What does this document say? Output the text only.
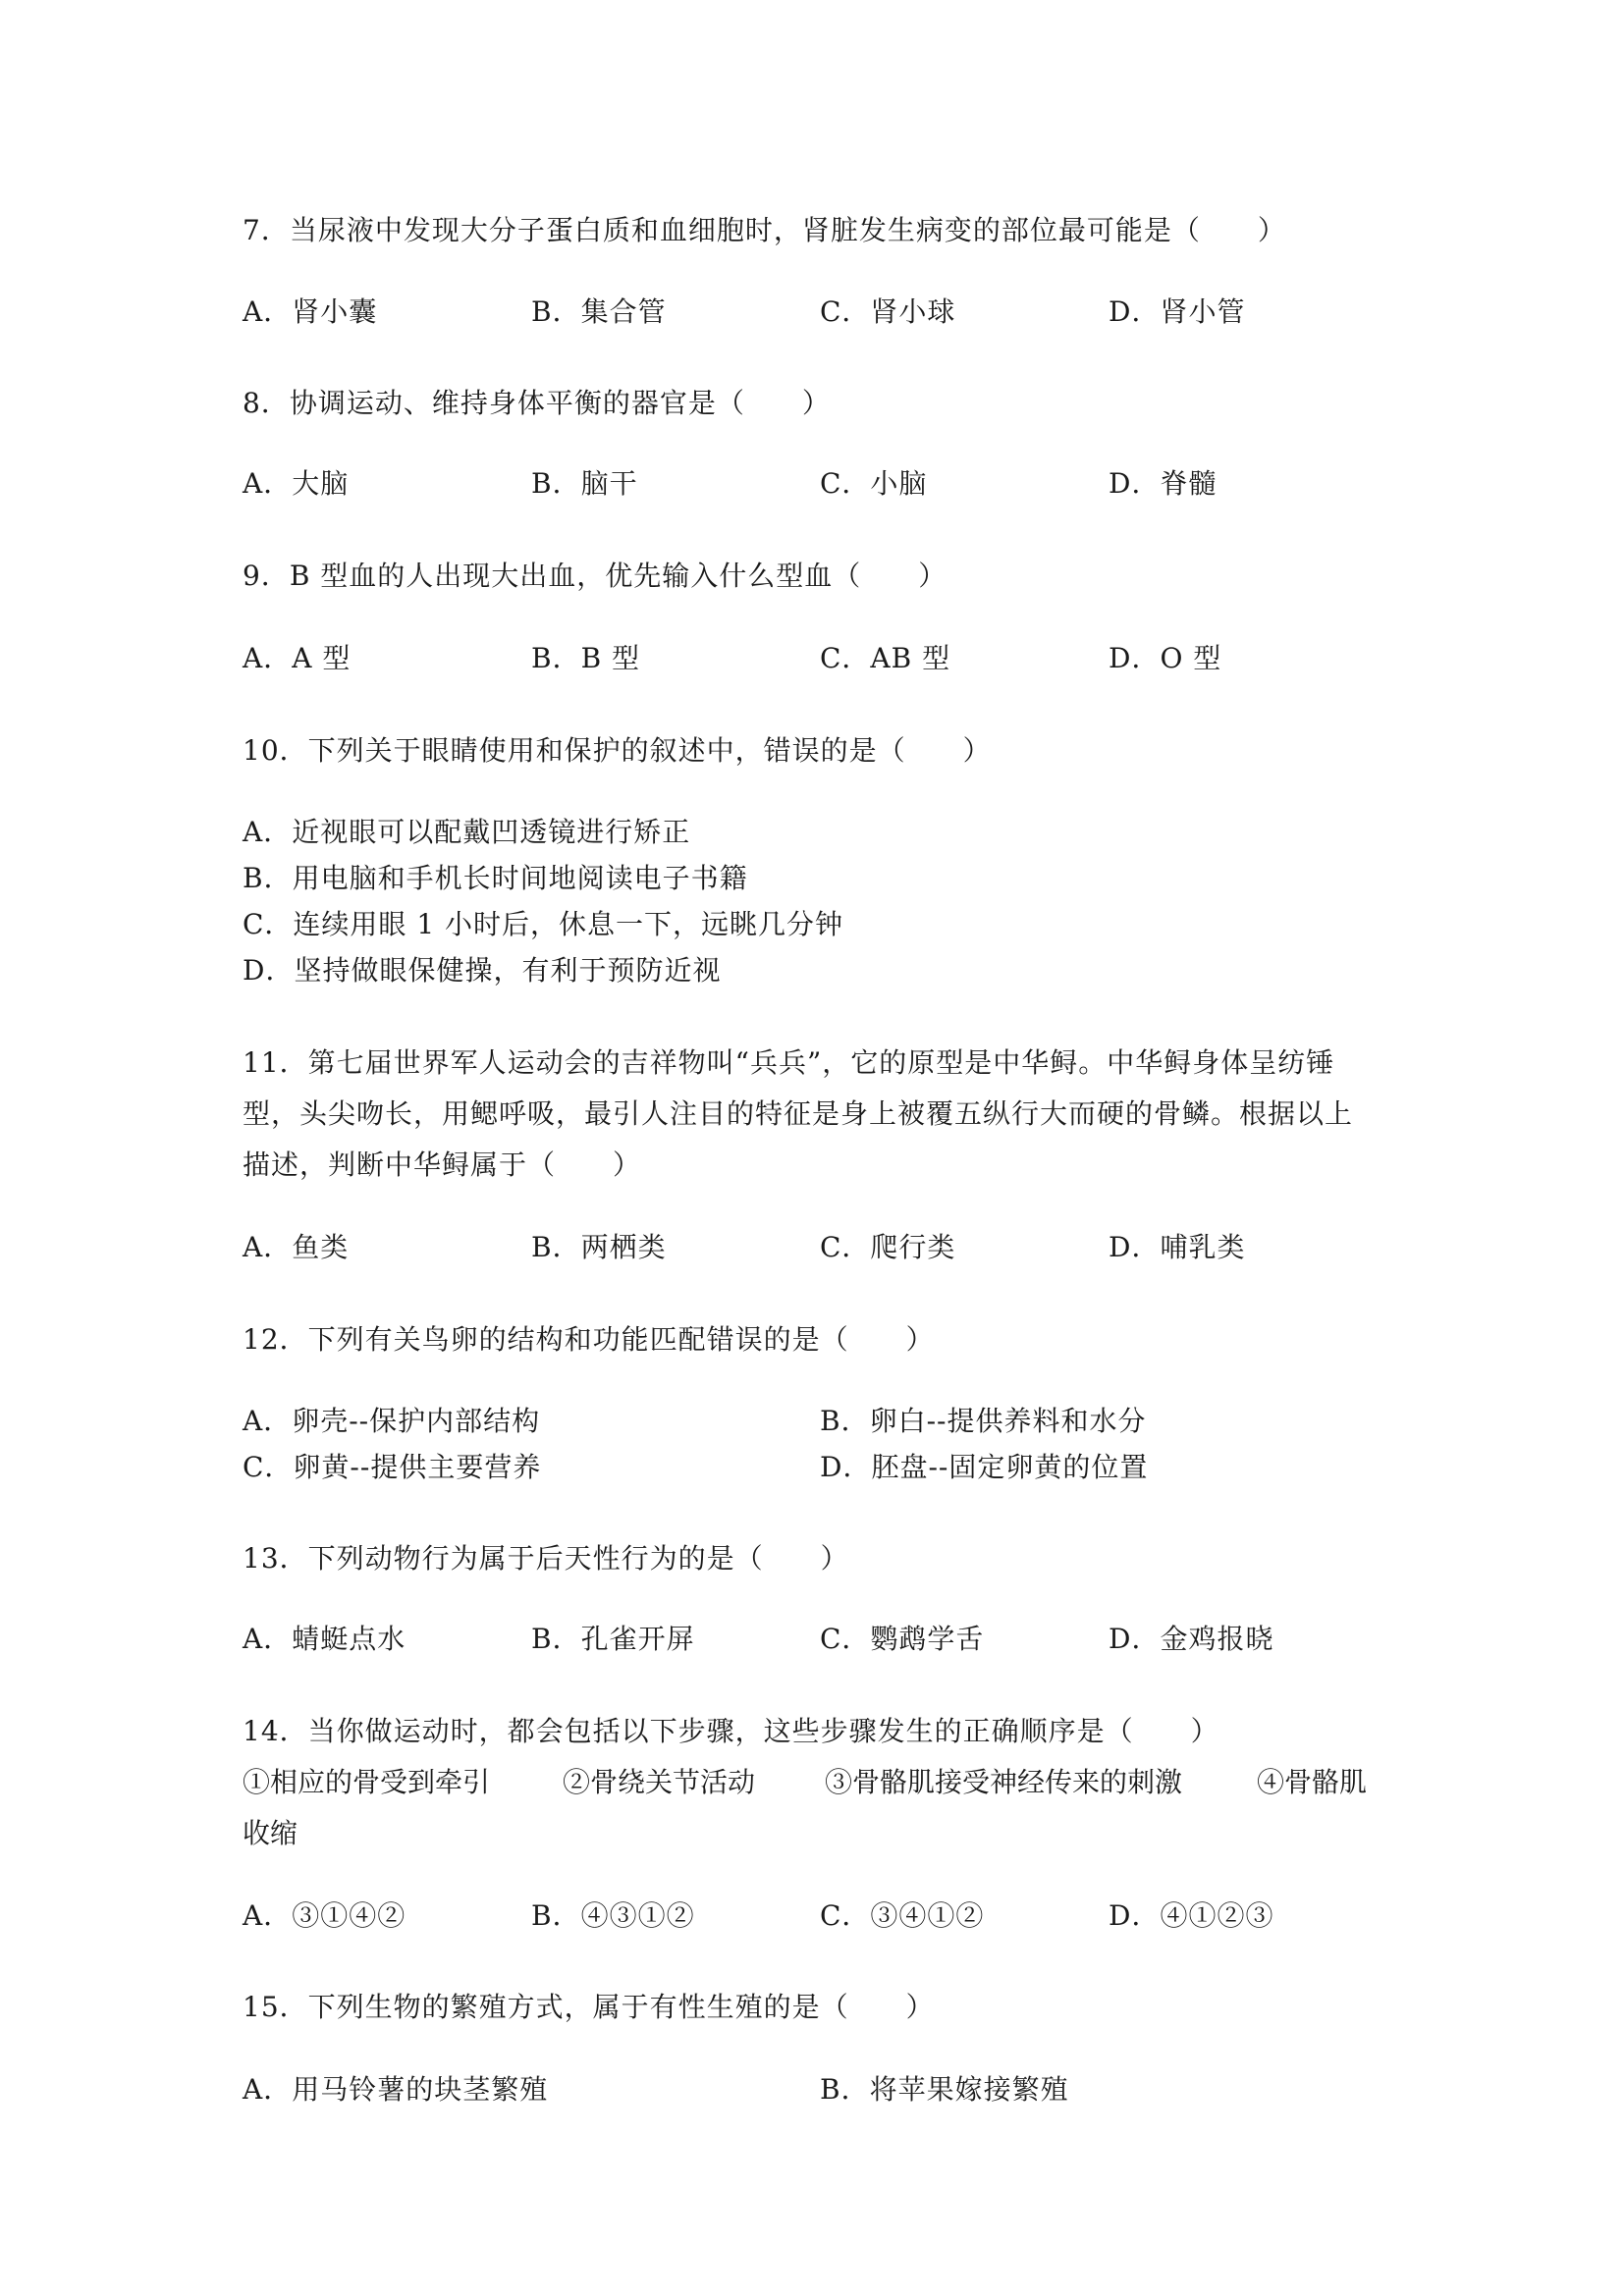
7．当尿液中发现大分子蛋白质和血细胞时，肾脏发生病变的部位最可能是（　　）
A．肾小囊	B．集合管	C．肾小球	D．肾小管
8．协调运动、维持身体平衡的器官是（　　）
A．大脑	B．脑干	C．小脑	D．脊髓
9．B 型血的人出现大出血，优先输入什么型血（　　）
A．A 型	B．B 型	C．AB 型	D．O 型
10．下列关于眼睛使用和保护的叙述中，错误的是（　　）
A．近视眼可以配戴凹透镜进行矫正
B．用电脑和手机长时间地阅读电子书籍
C．连续用眼 1 小时后，休息一下，远眺几分钟
D．坚持做眼保健操，有利于预防近视
11．第七届世界军人运动会的吉祥物叫“兵兵”，它的原型是中华鲟。中华鲟身体呈纺锤
型，头尖吻长，用鳃呼吸，最引人注目的特征是身上被覆五纵行大而硬的骨鳞。根据以上
描述，判断中华鲟属于（　　）
A．鱼类	B．两栖类	C．爬行类	D．哺乳类
12．下列有关鸟卵的结构和功能匹配错误的是（　　）
A．卵壳--保护内部结构	B．卵白--提供养料和水分
C．卵黄--提供主要营养	D．胚盘--固定卵黄的位置
13．下列动物行为属于后天性行为的是（　　）
A．蜻蜓点水	B．孔雀开屏	C．鹦鹉学舌	D．金鸡报晓
14．当你做运动时，都会包括以下步骤，这些步骤发生的正确顺序是（　　）
①相应的骨受到牵引	②骨绕关节活动	③骨骼肌接受神经传来的刺激	④骨骼肌
收缩
A．③①④②	B．④③①②	C．③④①②	D．④①②③
15．下列生物的繁殖方式，属于有性生殖的是（　　）
A．用马铃薯的块茎繁殖	B．将苹果嫁接繁殖
